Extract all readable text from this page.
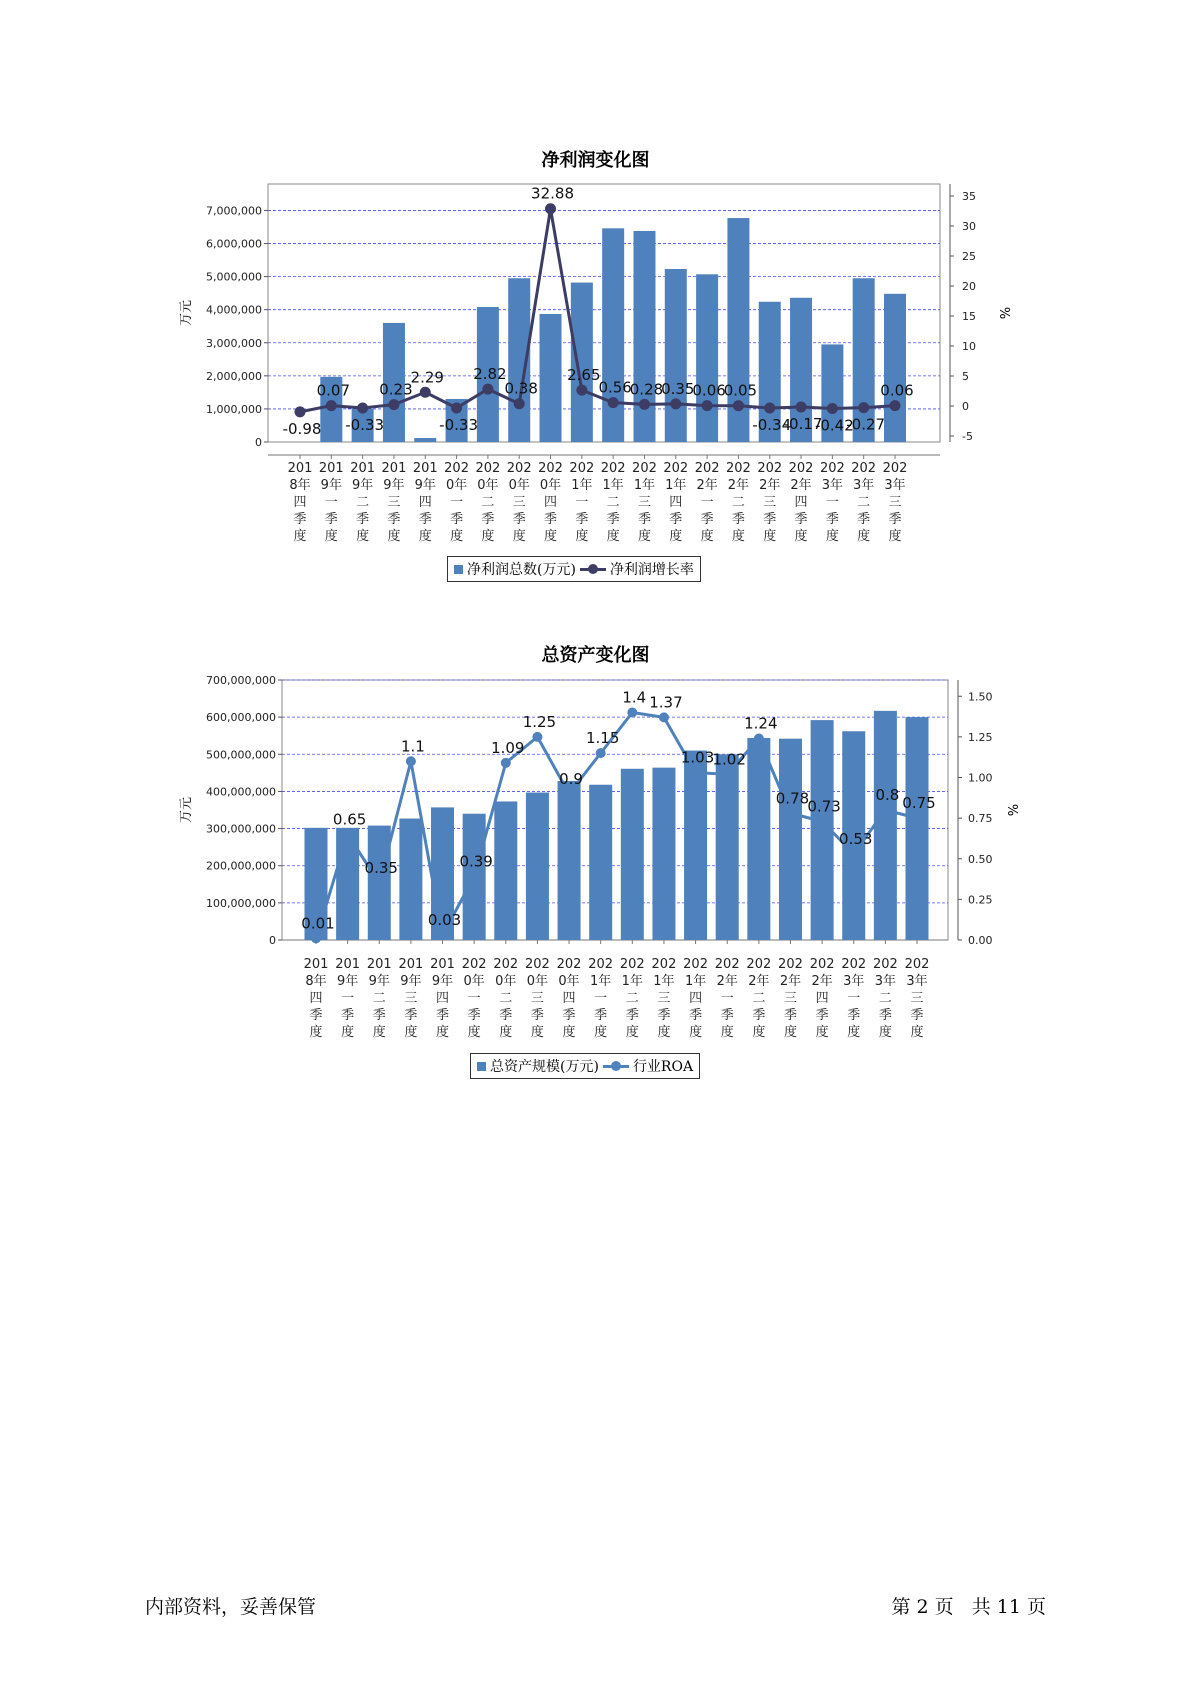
净利润变化图
0
1,000,000
2,000,000
3,000,000
4,000,000
5,000,000
6,000,000
7,000,000
-5
0
5
10
15
20
25
30
35
万元	%
201
8年
四
季
度
201
9年
一
季
度
201
9年
二
季
度
201
9年
三
季
度
201
9年
四
季
度
202
0年
一
季
度
202
0年
二
季
度
202
0年
三
季
度
202
0年
四
季
度
202
1年
一
季
度
202
1年
二
季
度
202
1年
三
季
度
202
1年
四
季
度
202
2年
一
季
度
202
2年
二
季
度
202
2年
三
季
度
202
2年
四
季
度
202
3年
一
季
度
202
3年
二
季
度
202
3年
三
季
度
-0.98
0.07
-0.33
0.23
2.29
-0.33
2.82
0.38
32.88
2.65
0.56
0.28
0.35
0.06
0.05
-0.34
-0.17
-0.42
-0.27
0.06
净利润总数(万元) 净利润增长率
总资产变化图
0
100,000,000
200,000,000
300,000,000
400,000,000
500,000,000
600,000,000
700,000,000
0.00
0.25
0.50
0.75
1.00
1.25
1.50
万元	%
201
8年
四
季
度
201
9年
一
季
度
201
9年
二
季
度
201
9年
三
季
度
201
9年
四
季
度
202
0年
一
季
度
202
0年
二
季
度
202
0年
三
季
度
202
0年
四
季
度
202
1年
一
季
度
202
1年
二
季
度
202
1年
三
季
度
202
1年
四
季
度
202
2年
一
季
度
202
2年
二
季
度
202
2年
三
季
度
202
2年
四
季
度
202
3年
一
季
度
202
3年
二
季
度
202
3年
三
季
度
0.01
0.65
0.35
1.1
0.03
0.39
1.09
1.25
0.9
1.15
1.4 1.37
1.03
1.02
1.24
0.78
0.73
0.53
0.8 0.75
总资产规模(万元) 行业ROA
内部资料，妥善保管	第 2 页   共 11 页
